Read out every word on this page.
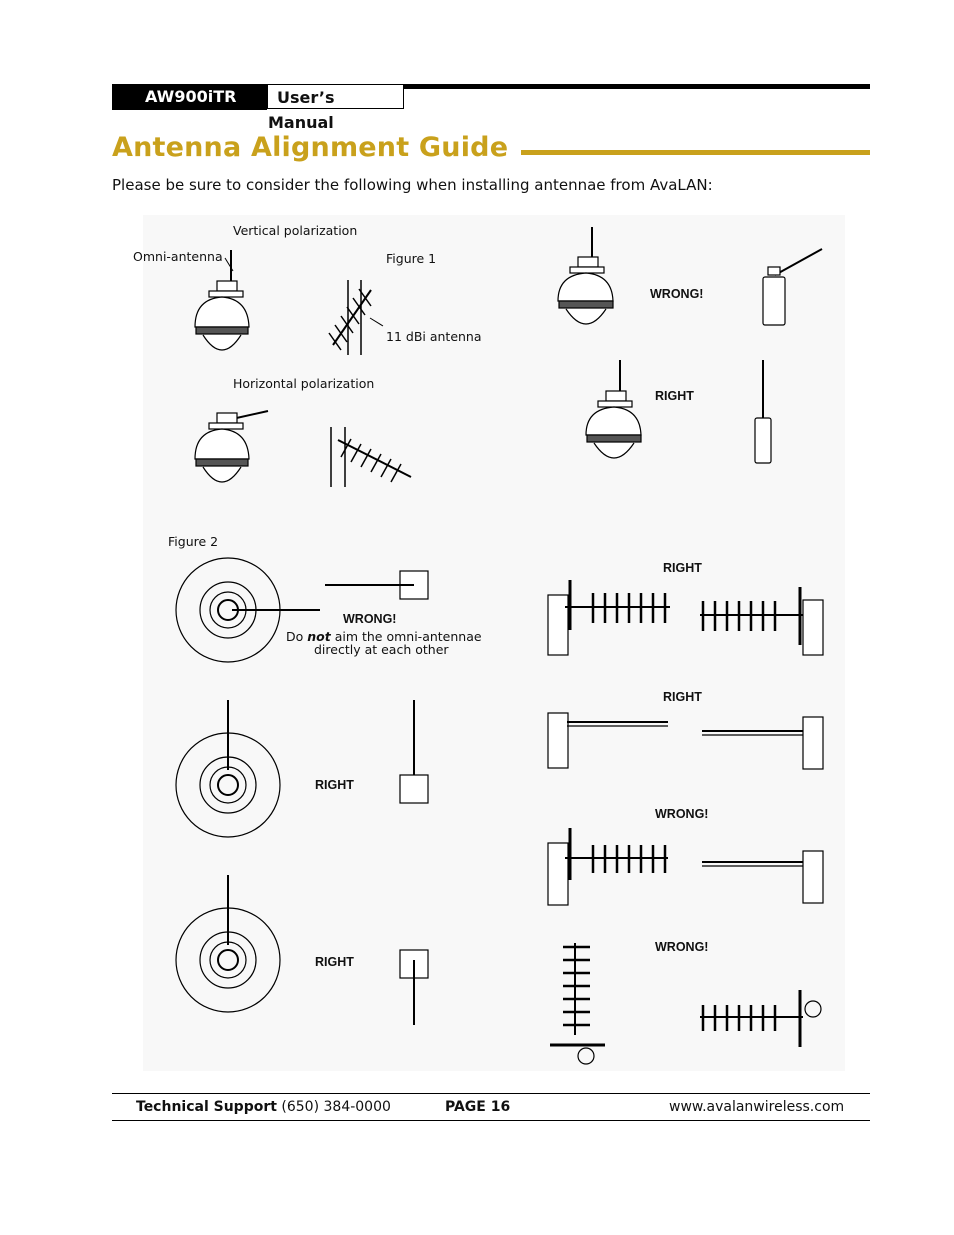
AW900iTR	User’s Manual
Antenna Alignment Guide
Please be sure to consider the following when installing antennae from AvaLAN:
Vertical polarization
Omni-antenna	Figure 1
11 dBi antenna
Horizontal polarization
WRONG!
RIGHT
Figure 2
WRONG!
Do not aim the omni-antennae
directly at each other
RIGHT
RIGHT
RIGHT
RIGHT
WRONG!
WRONG!
Technical Support (650) 384-0000	PAGE 16	www.avalanwireless.com
